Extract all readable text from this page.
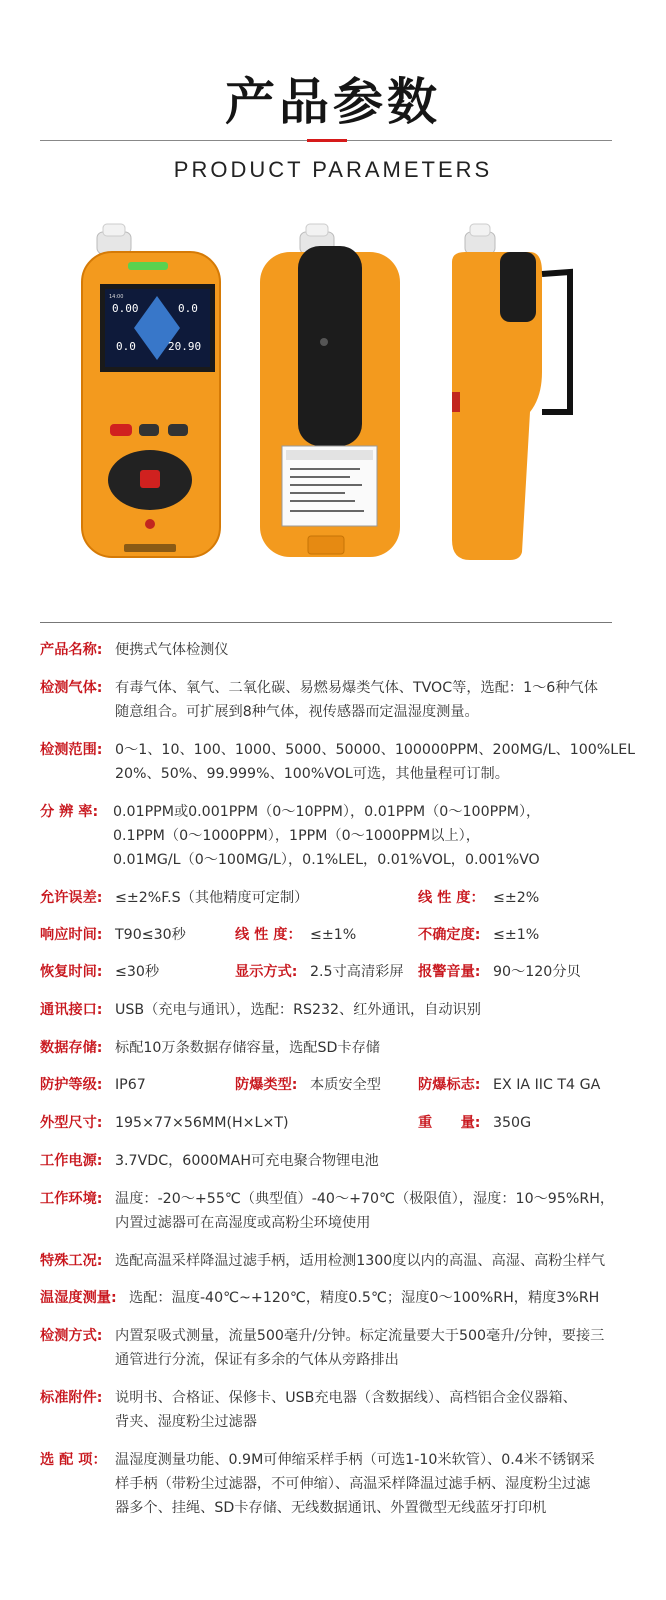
产品参数
PRODUCT PARAMETERS
14:00
0.00	0.0
0.0	20.90
产品名称: 便携式气体检测仪
检测气体: 有毒气体、氧气、二氧化碳、易燃易爆类气体、TVOC等，选配：1～6种气体
随意组合。可扩展到8种气体，视传感器而定温湿度测量。
检测范围: 0～1、10、100、1000、5000、50000、100000PPM、200MG/L、100%LEL
20%、50%、99.999%、100%VOL可选，其他量程可订制。
分 辨 率: 0.01PPM或0.001PPM（0～10PPM），0.01PPM（0～100PPM），
0.1PPM（0～1000PPM），1PPM（0～1000PPM以上），
0.01MG/L（0～100MG/L），0.1%LEL，0.01%VOL，0.001%VO
允许误差: ≤±2%F.S（其他精度可定制）	线 性 度： ≤±2%
响应时间: T90≤30秒	线 性 度： ≤±1%	不确定度: ≤±1%
恢复时间: ≤30秒	显示方式: 2.5寸高清彩屏 报警音量: 90～120分贝
通讯接口: USB（充电与通讯），选配：RS232、红外通讯，自动识别
数据存储: 标配10万条数据存储容量，选配SD卡存储
防护等级: IP67	防爆类型: 本质安全型	防爆标志: EX IA IIC T4 GA
外型尺寸: 195×77×56MM(H×L×T)	重　　量: 350G
工作电源: 3.7VDC，6000MAH可充电聚合物锂电池
工作环境: 温度：-20～+55℃（典型值）-40～+70℃（极限值），湿度：10～95%RH，
内置过滤器可在高湿度或高粉尘环境使用
特殊工况: 选配高温采样降温过滤手柄，适用检测1300度以内的高温、高湿、高粉尘样气
温湿度测量: 选配：温度-40℃~+120℃，精度0.5℃；湿度0～100%RH，精度3%RH
检测方式: 内置泵吸式测量，流量500毫升/分钟。标定流量要大于500毫升/分钟，要接三
通管进行分流，保证有多余的气体从旁路排出
标准附件: 说明书、合格证、保修卡、USB充电器（含数据线）、高档铝合金仪器箱、
背夹、湿度粉尘过滤器
选 配 项： 温湿度测量功能、0.9M可伸缩采样手柄（可选1-10米软管）、0.4米不锈钢采
样手柄（带粉尘过滤器，不可伸缩）、高温采样降温过滤手柄、湿度粉尘过滤
器多个、挂绳、SD卡存储、无线数据通讯、外置微型无线蓝牙打印机
